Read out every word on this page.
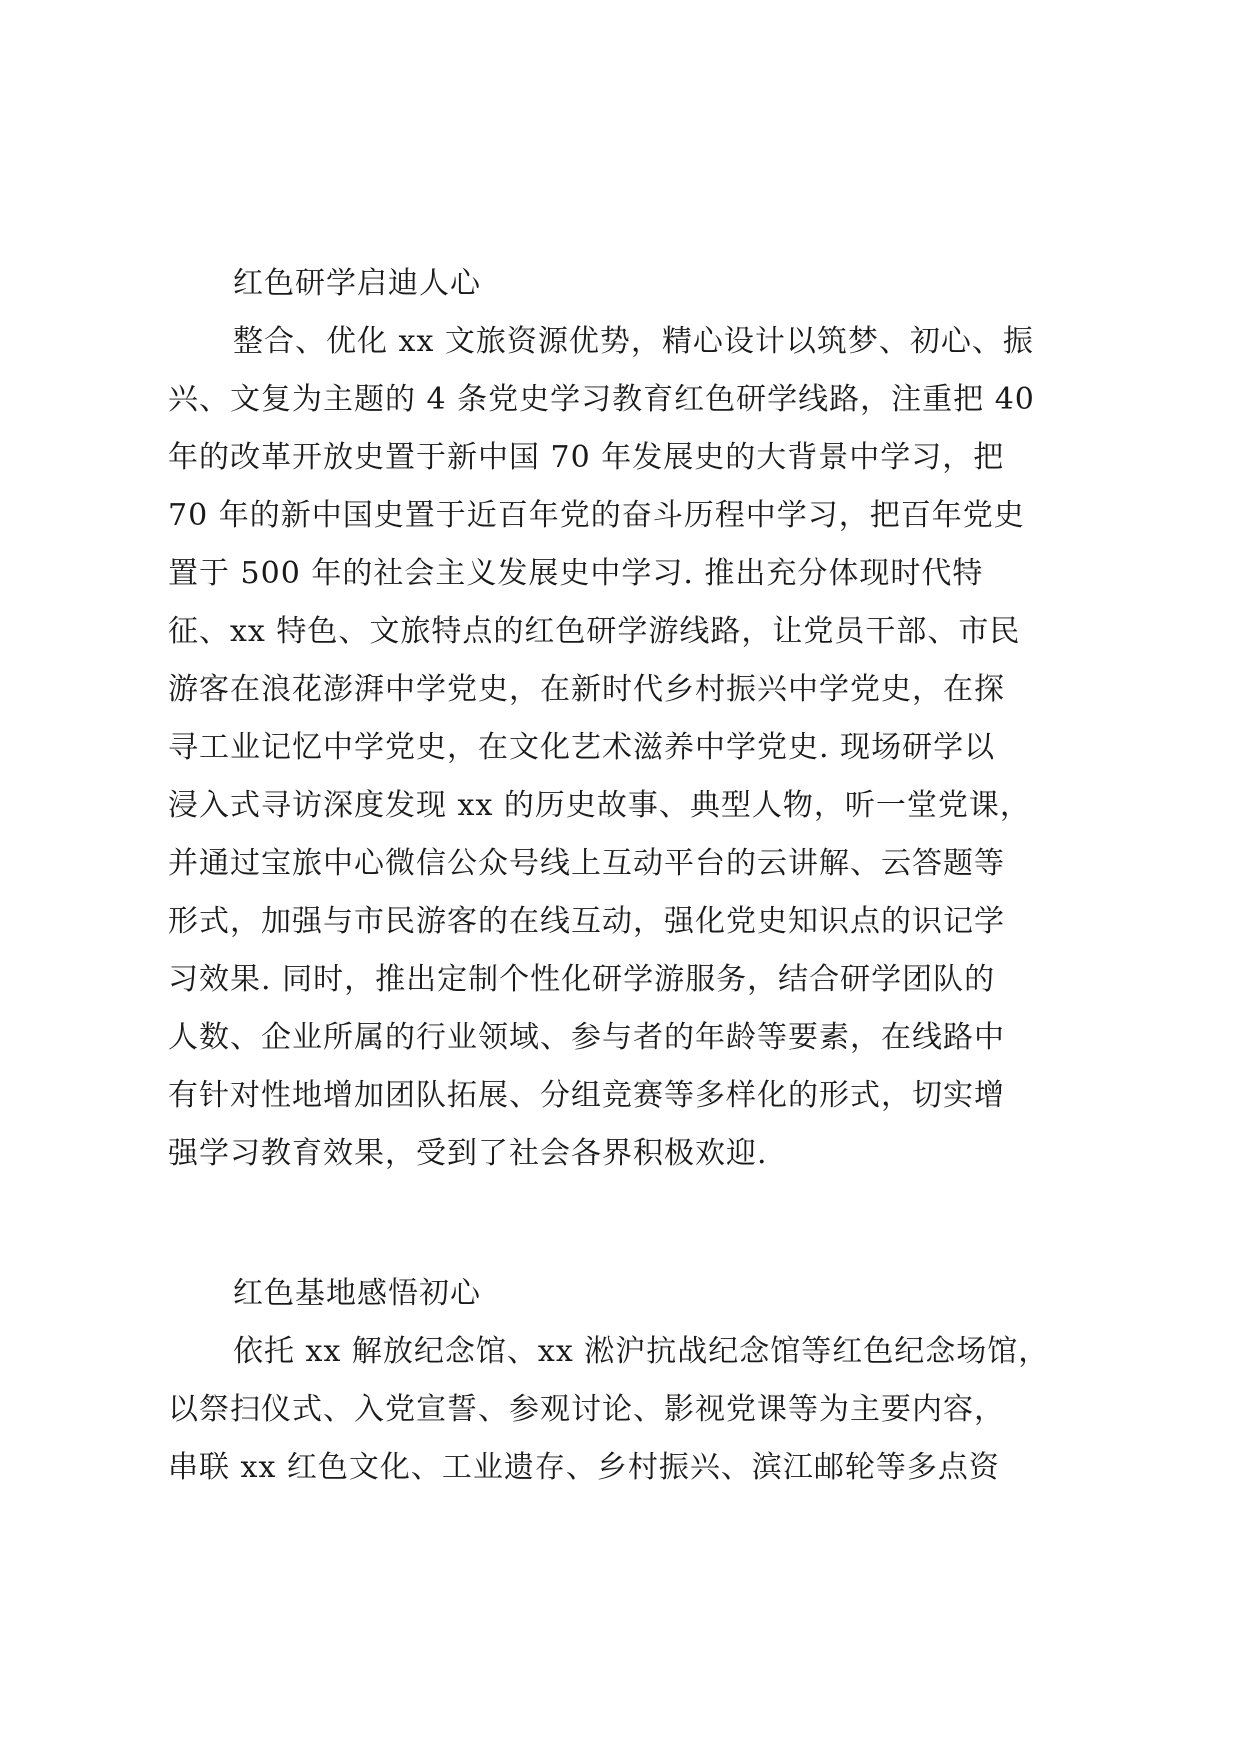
红色研学启迪人心

整合、优化 xx 文旅资源优势，精心设计以筑梦、初心、振
兴、文复为主题的 4 条党史学习教育红色研学线路，注重把 40
年的改革开放史置于新中国 70 年发展史的大背景中学习，把
70 年的新中国史置于近百年党的奋斗历程中学习，把百年党史
置于 500 年的社会主义发展史中学习. 推出充分体现时代特
征、xx 特色、文旅特点的红色研学游线路，让党员干部、市民
游客在浪花澎湃中学党史，在新时代乡村振兴中学党史，在探
寻工业记忆中学党史，在文化艺术滋养中学党史. 现场研学以
浸入式寻访深度发现 xx 的历史故事、典型人物，听一堂党课，
并通过宝旅中心微信公众号线上互动平台的云讲解、云答题等
形式，加强与市民游客的在线互动，强化党史知识点的识记学
习效果. 同时，推出定制个性化研学游服务，结合研学团队的
人数、企业所属的行业领域、参与者的年龄等要素，在线路中
有针对性地增加团队拓展、分组竞赛等多样化的形式，切实增
强学习教育效果，受到了社会各界积极欢迎.

红色基地感悟初心

依托 xx 解放纪念馆、xx 淞沪抗战纪念馆等红色纪念场馆，
以祭扫仪式、入党宣誓、参观讨论、影视党课等为主要内容，
串联 xx 红色文化、工业遗存、乡村振兴、滨江邮轮等多点资
